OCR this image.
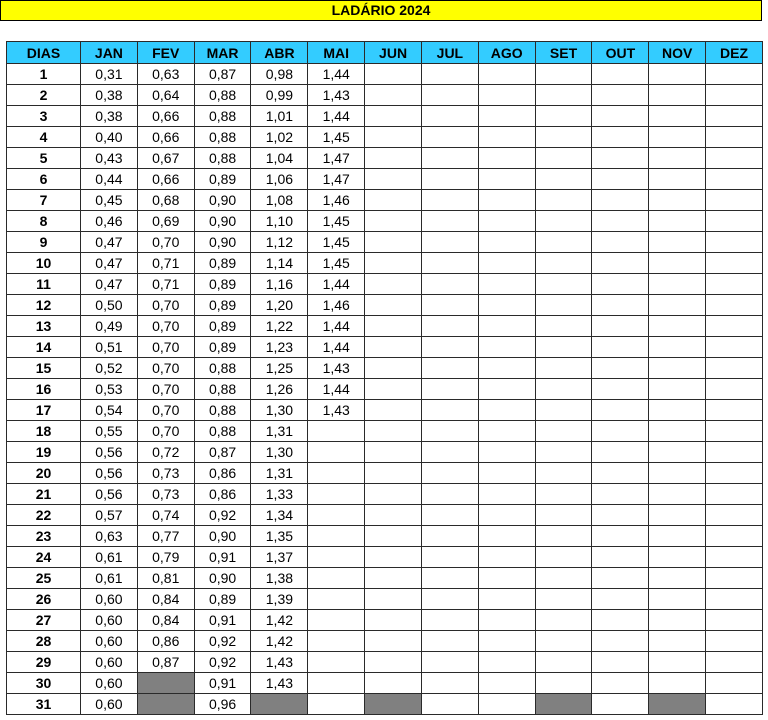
LADÁRIO 2024
DIAS	JAN	FEV	MAR	ABR	MAI	JUN	JUL	AGO	SET	OUT	NOV	DEZ
1	0,31	0,63	0,87	0,98	1,44							
2	0,38	0,64	0,88	0,99	1,43							
3	0,38	0,66	0,88	1,01	1,44							
4	0,40	0,66	0,88	1,02	1,45							
5	0,43	0,67	0,88	1,04	1,47							
6	0,44	0,66	0,89	1,06	1,47							
7	0,45	0,68	0,90	1,08	1,46							
8	0,46	0,69	0,90	1,10	1,45							
9	0,47	0,70	0,90	1,12	1,45							
10	0,47	0,71	0,89	1,14	1,45							
11	0,47	0,71	0,89	1,16	1,44							
12	0,50	0,70	0,89	1,20	1,46							
13	0,49	0,70	0,89	1,22	1,44							
14	0,51	0,70	0,89	1,23	1,44							
15	0,52	0,70	0,88	1,25	1,43							
16	0,53	0,70	0,88	1,26	1,44							
17	0,54	0,70	0,88	1,30	1,43							
18	0,55	0,70	0,88	1,31								
19	0,56	0,72	0,87	1,30								
20	0,56	0,73	0,86	1,31								
21	0,56	0,73	0,86	1,33								
22	0,57	0,74	0,92	1,34								
23	0,63	0,77	0,90	1,35								
24	0,61	0,79	0,91	1,37								
25	0,61	0,81	0,90	1,38								
26	0,60	0,84	0,89	1,39								
27	0,60	0,84	0,91	1,42								
28	0,60	0,86	0,92	1,42								
29	0,60	0,87	0,92	1,43								
30	0,60		0,91	1,43								
31	0,60		0,96									
